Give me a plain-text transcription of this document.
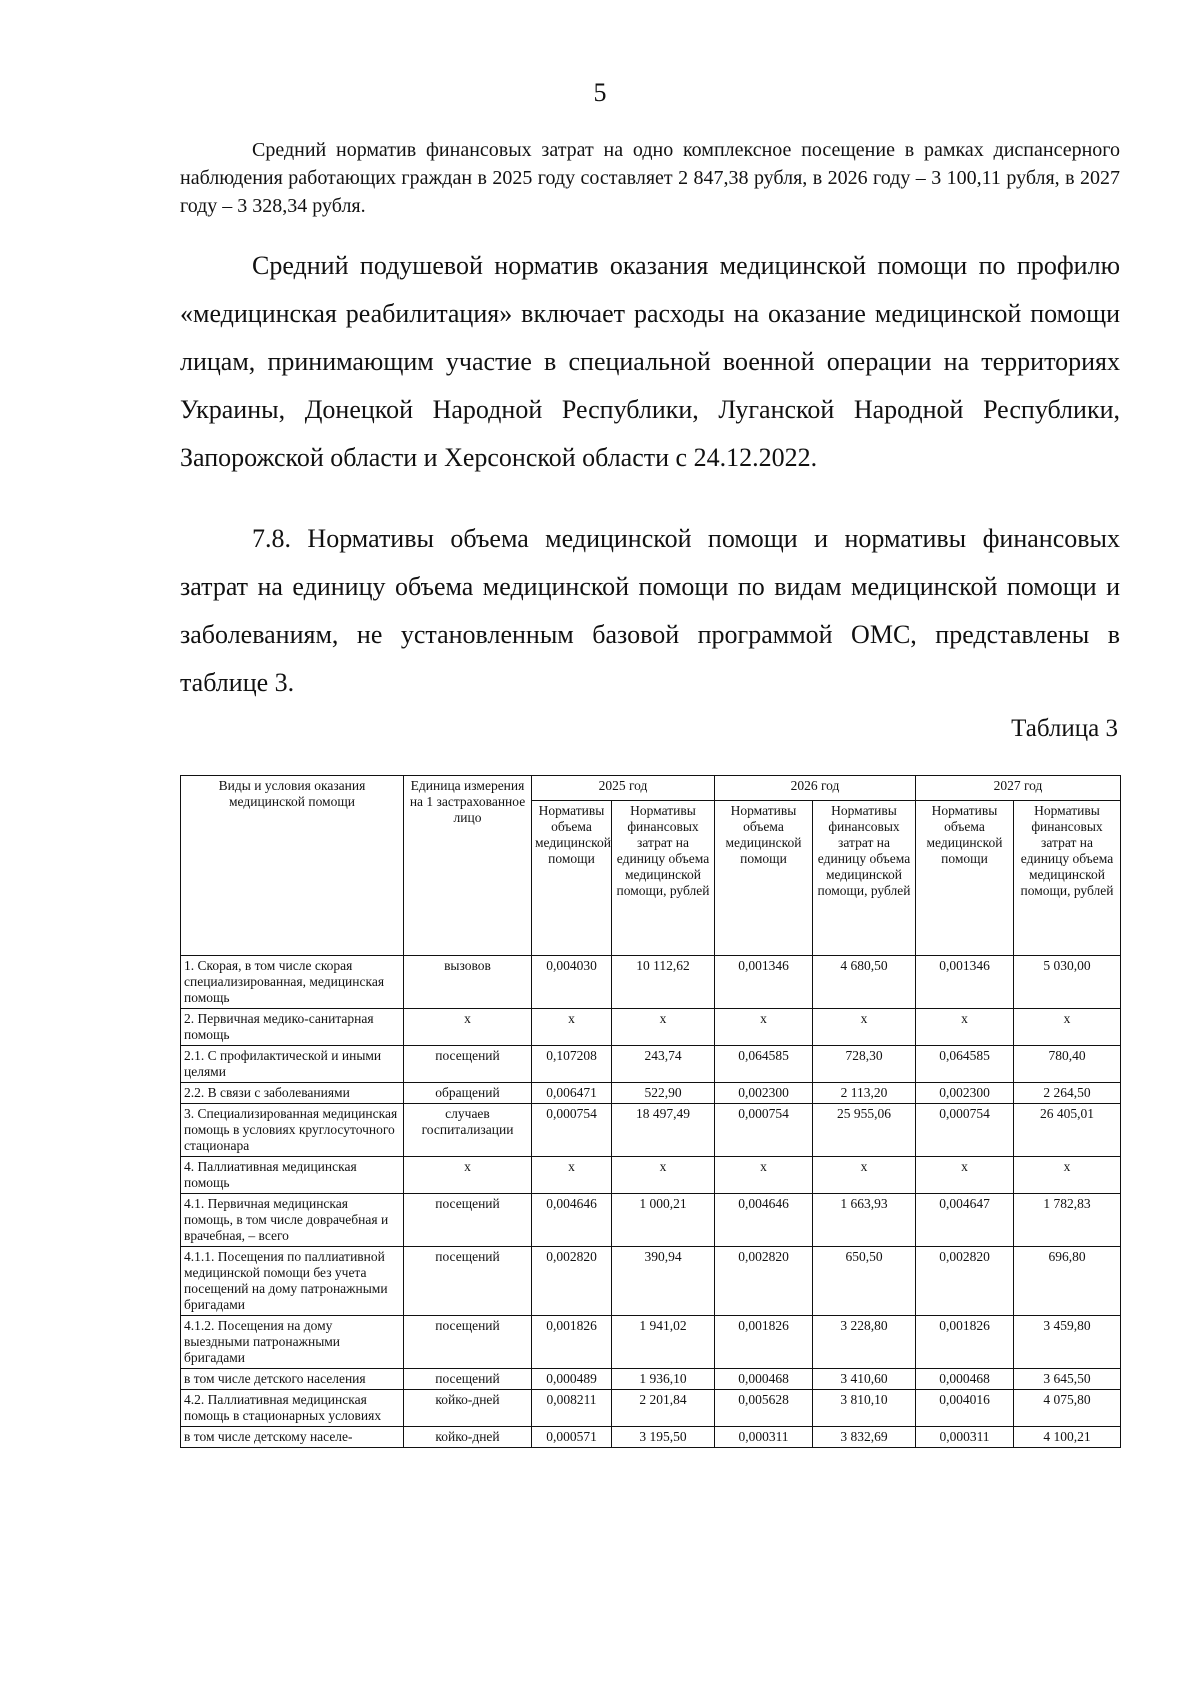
5
Средний норматив финансовых затрат на одно комплексное посещение в рамках диспансерного наблюдения работающих граждан в 2025 году составляет 2 847,38 рубля, в 2026 году – 3 100,11 рубля, в 2027 году – 3 328,34 рубля.
Средний подушевой норматив оказания медицинской помощи по профилю «медицинская реабилитация» включает расходы на оказание медицинской помощи лицам, принимающим участие в специальной военной операции на территориях Украины, Донецкой Народной Республики, Луганской Народной Республики, Запорожской области и Херсонской области с 24.12.2022.
7.8. Нормативы объема медицинской помощи и нормативы финансовых затрат на единицу объема медицинской помощи по видам медицинской помощи и заболеваниям, не установленным базовой программой ОМС, представлены в таблице 3.
Таблица 3
Виды и условия оказания медицинской помощи	Единица измерения на 1 застрахованное лицо	2025 год		2026 год		2027 год	
		Нормативы объема медицинской помощи	Нормативы финансовых затрат на единицу объема медицинской помощи, рублей	Нормативы объема медицинской помощи	Нормативы финансовых затрат на единицу объема медицинской помощи, рублей	Нормативы объема медицинской помощи	Нормативы финансовых затрат на единицу объема медицинской помощи, рублей
1. Скорая, в том числе скорая специализированная, медицинская помощь	вызовов	0,004030	10 112,62	0,001346	4 680,50	0,001346	5 030,00
2. Первичная медико-санитарная помощь	х	х	х	х	х	х	х
2.1. С профилактической и иными целями	посещений	0,107208	243,74	0,064585	728,30	0,064585	780,40
2.2. В связи с заболеваниями	обращений	0,006471	522,90	0,002300	2 113,20	0,002300	2 264,50
3. Специализированная медицинская помощь в условиях круглосуточного стационара	случаев госпитализации	0,000754	18 497,49	0,000754	25 955,06	0,000754	26 405,01
4. Паллиативная медицинская помощь	х	х	х	х	х	х	х
4.1. Первичная медицинская помощь, в том числе доврачебная и врачебная, – всего	посещений	0,004646	1 000,21	0,004646	1 663,93	0,004647	1 782,83
4.1.1. Посещения по паллиативной медицинской помощи без учета посещений на дому патронажными бригадами	посещений	0,002820	390,94	0,002820	650,50	0,002820	696,80
4.1.2. Посещения на дому выездными патронажными бригадами	посещений	0,001826	1 941,02	0,001826	3 228,80	0,001826	3 459,80
в том числе детского населения	посещений	0,000489	1 936,10	0,000468	3 410,60	0,000468	3 645,50
4.2. Паллиативная медицинская помощь в стационарных условиях	койко-дней	0,008211	2 201,84	0,005628	3 810,10	0,004016	4 075,80
в том числе детскому населе-	койко-дней	0,000571	3 195,50	0,000311	3 832,69	0,000311	4 100,21
